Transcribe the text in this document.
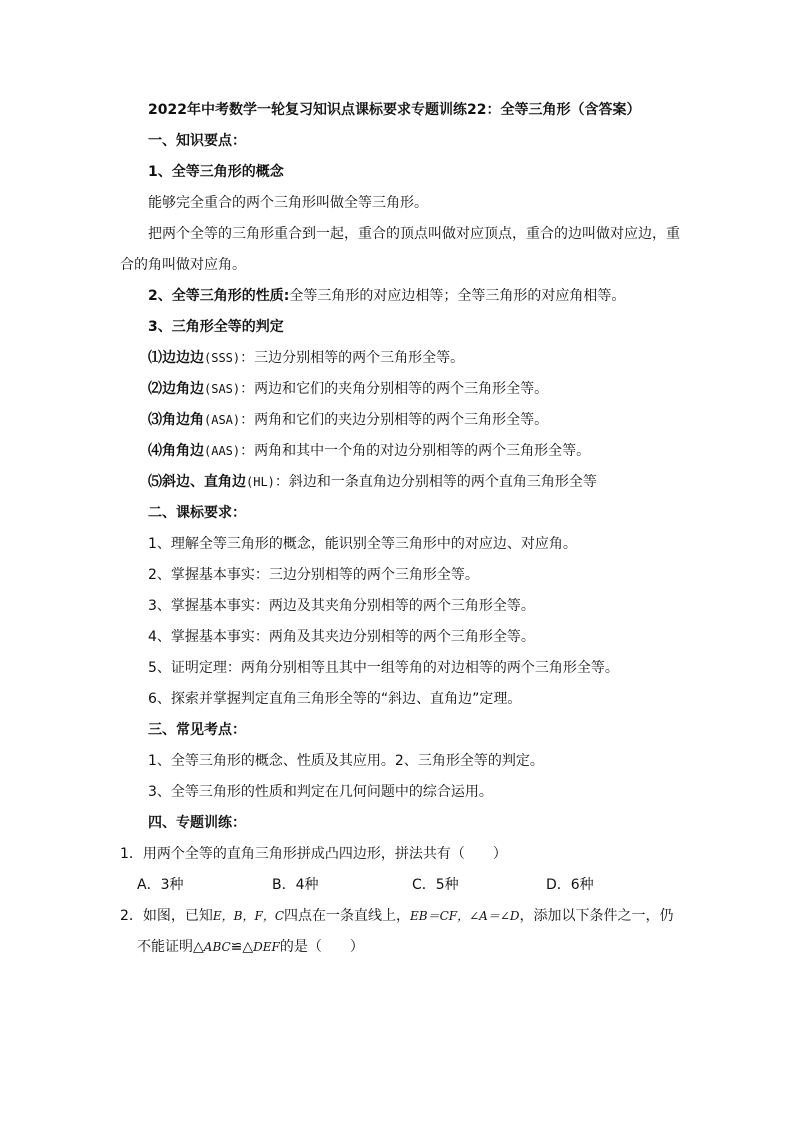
2022年中考数学一轮复习知识点课标要求专题训练22：全等三角形（含答案）
一、知识要点：
1、全等三角形的概念
能够完全重合的两个三角形叫做全等三角形。
把两个全等的三角形重合到一起，重合的顶点叫做对应顶点，重合的边叫做对应边，重
合的角叫做对应角。
2、全等三角形的性质:全等三角形的对应边相等；全等三角形的对应角相等。
3、三角形全等的判定
⑴边边边(SSS)：三边分别相等的两个三角形全等。
⑵边角边(SAS)：两边和它们的夹角分别相等的两个三角形全等。
⑶角边角(ASA)：两角和它们的夹边分别相等的两个三角形全等。
⑷角角边(AAS)：两角和其中一个角的对边分别相等的两个三角形全等。
⑸斜边、直角边(HL)：斜边和一条直角边分别相等的两个直角三角形全等
二、课标要求：
1、理解全等三角形的概念，能识别全等三角形中的对应边、对应角。
2、掌握基本事实：三边分别相等的两个三角形全等。
3、掌握基本事实：两边及其夹角分别相等的两个三角形全等。
4、掌握基本事实：两角及其夹边分别相等的两个三角形全等。
5、证明定理：两角分别相等且其中一组等角的对边相等的两个三角形全等。
6、探索并掌握判定直角三角形全等的“斜边、直角边”定理。
三、常见考点：
1、全等三角形的概念、性质及其应用。2、三角形全等的判定。
3、全等三角形的性质和判定在几何问题中的综合运用。
四、专题训练：
1．用两个全等的直角三角形拼成凸四边形，拼法共有（　　）
A．3种	B．4种	C．5种	D．6种
2．如图，已知E，B，F，C四点在一条直线上，EB＝CF，∠A＝∠D，添加以下条件之一，仍
不能证明△ABC≌△DEF的是（　　）
